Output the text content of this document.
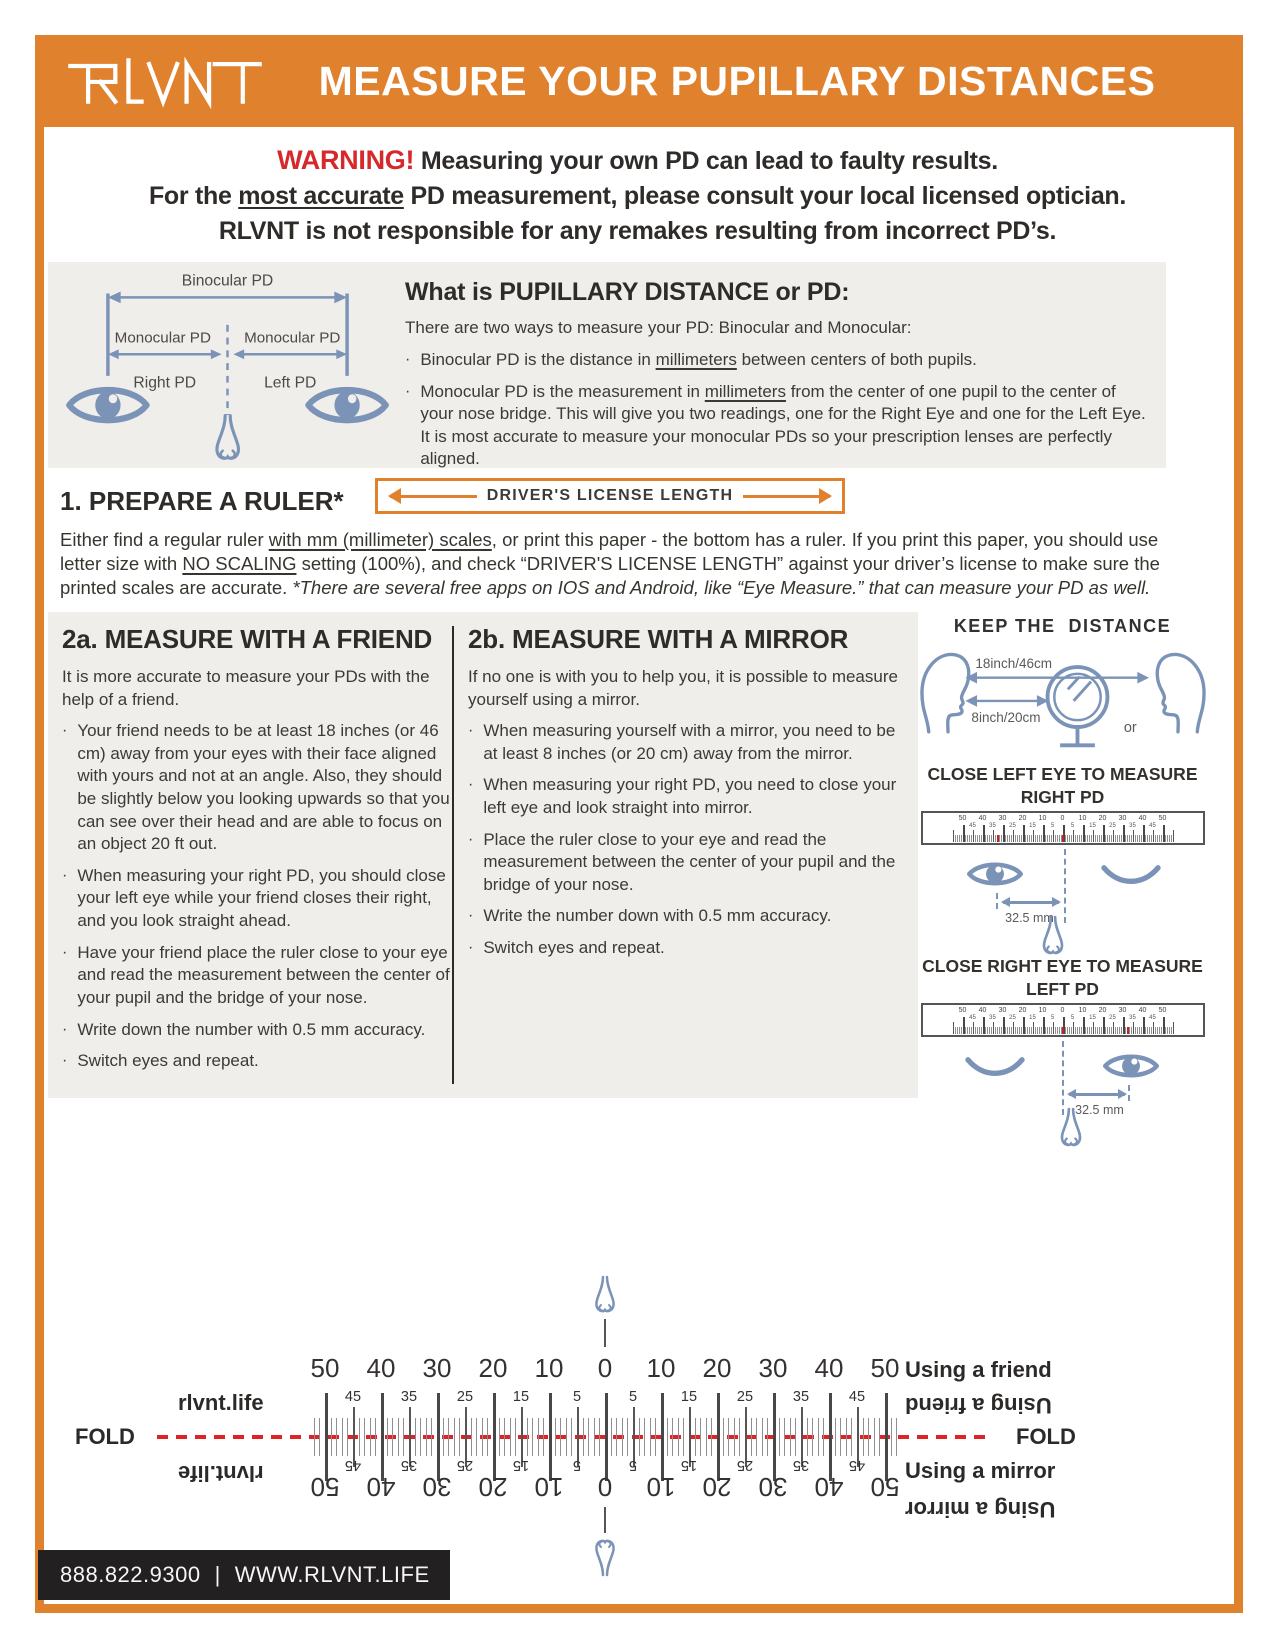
MEASURE YOUR PUPILLARY DISTANCES
WARNING! Measuring your own PD can lead to faulty results.
For the most accurate PD measurement, please consult your local licensed optician.
RLVNT is not responsible for any remakes resulting from incorrect PD’s.
Binocular PD
Monocular PD Monocular PD
Right PD	Left PD
What is PUPILLARY DISTANCE or PD:
There are two ways to measure your PD: Binocular and Monocular:
· Binocular PD is the distance in millimeters between centers of both pupils.
· Monocular PD is the measurement in millimeters from the center of one pupil to the center of your nose bridge. This will give you two readings, one for the Right Eye and one for the Left Eye. It is most accurate to measure your monocular PDs so your prescription lenses are perfectly aligned.
1. PREPARE A RULER*	DRIVER'S LICENSE LENGTH
Either find a regular ruler with mm (millimeter) scales, or print this paper - the bottom has a ruler. If you print this paper, you should use letter size with NO SCALING setting (100%), and check “DRIVER'S LICENSE LENGTH” against your driver’s license to make sure the printed scales are accurate. *There are several free apps on IOS and Android, like “Eye Measure.” that can measure your PD as well.
2a. MEASURE WITH A FRIEND
It is more accurate to measure your PDs with the help of a friend.
· Your friend needs to be at least 18 inches (or 46 cm) away from your eyes with their face aligned with yours and not at an angle. Also, they should be slightly below you looking upwards so that you can see over their head and are able to focus on an object 20 ft out.
· When measuring your right PD, you should close your left eye while your friend closes their right, and you look straight ahead.
· Have your friend place the ruler close to your eye and read the measurement between the center of your pupil and the bridge of your nose.
· Write down the number with 0.5 mm accuracy.
· Switch eyes and repeat.
2b. MEASURE WITH A MIRROR
If no one is with you to help you, it is possible to measure yourself using a mirror.
· When measuring yourself with a mirror, you need to be at least 8 inches (or 20 cm) away from the mirror.
· When measuring your right PD, you need to close your left eye and look straight into mirror.
· Place the ruler close to your eye and read the measurement between the center of your pupil and the bridge of your nose.
· Write the number down with 0.5 mm accuracy.
· Switch eyes and repeat.
KEEP THE  DISTANCE
18inch/46cm
8inch/20cm
or
CLOSE LEFT EYE TO MEASURE
RIGHT PD
50 40 30 20 10 0 10 20 30 40 50
45 35 25 15 5	5 15 25 35 45
32.5 mm
CLOSE RIGHT EYE TO MEASURE
LEFT PD
50 40 30 20 10 0 10 20 30 40 50
45 35 25 15 5	5 15 25 35 45
32.5 mm
50 40 30 20 10 0 10 20 30 40 50
45	35	25	15	5	5	15	25	35	45
45	35	25	15	5	5	15	25	35	45
50 40 30 20 10 0 10 20 30 40 50
FOLD
rlvnt.life
rlvnt.life
Using a friend
Using a friend
FOLD
Using a mirror
Using a mirror
888.822.9300 | WWW.RLVNT.LIFE
